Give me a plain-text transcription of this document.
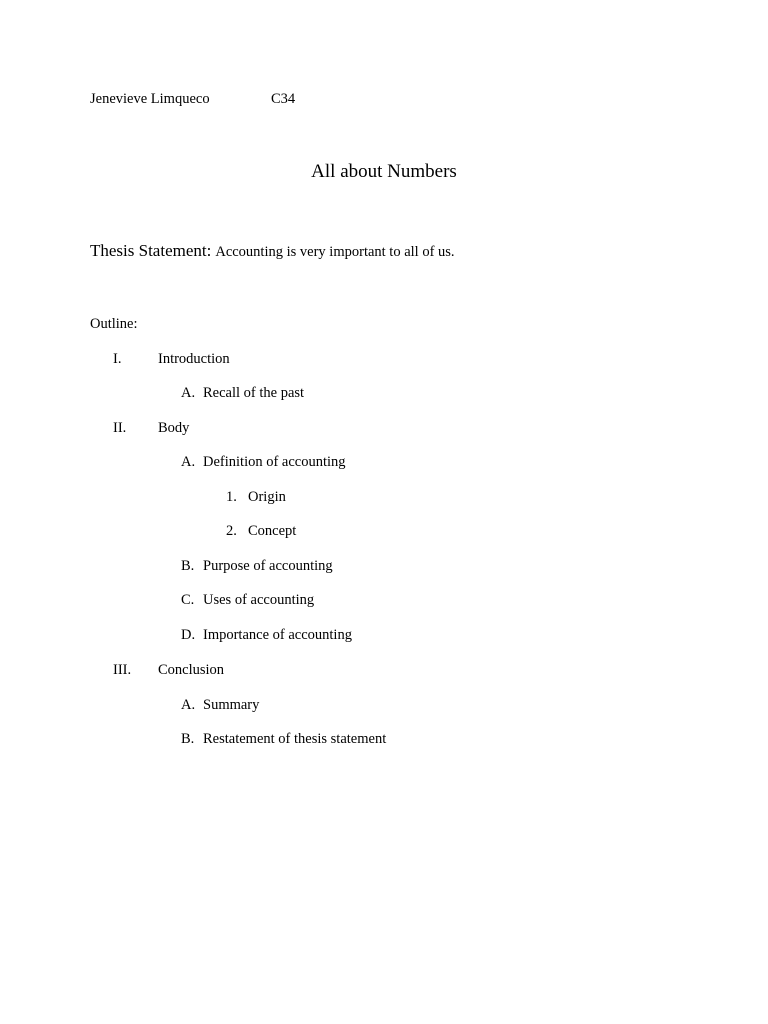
Jenevieve Limqueco	C34
All about Numbers
Thesis Statement: Accounting is very important to all of us.
Outline:
I.	Introduction
A. Recall of the past
II. Body
A. Definition of accounting
1. Origin
2. Concept
B. Purpose of accounting
C. Uses of accounting
D. Importance of accounting
III. Conclusion
A. Summary
B. Restatement of thesis statement
